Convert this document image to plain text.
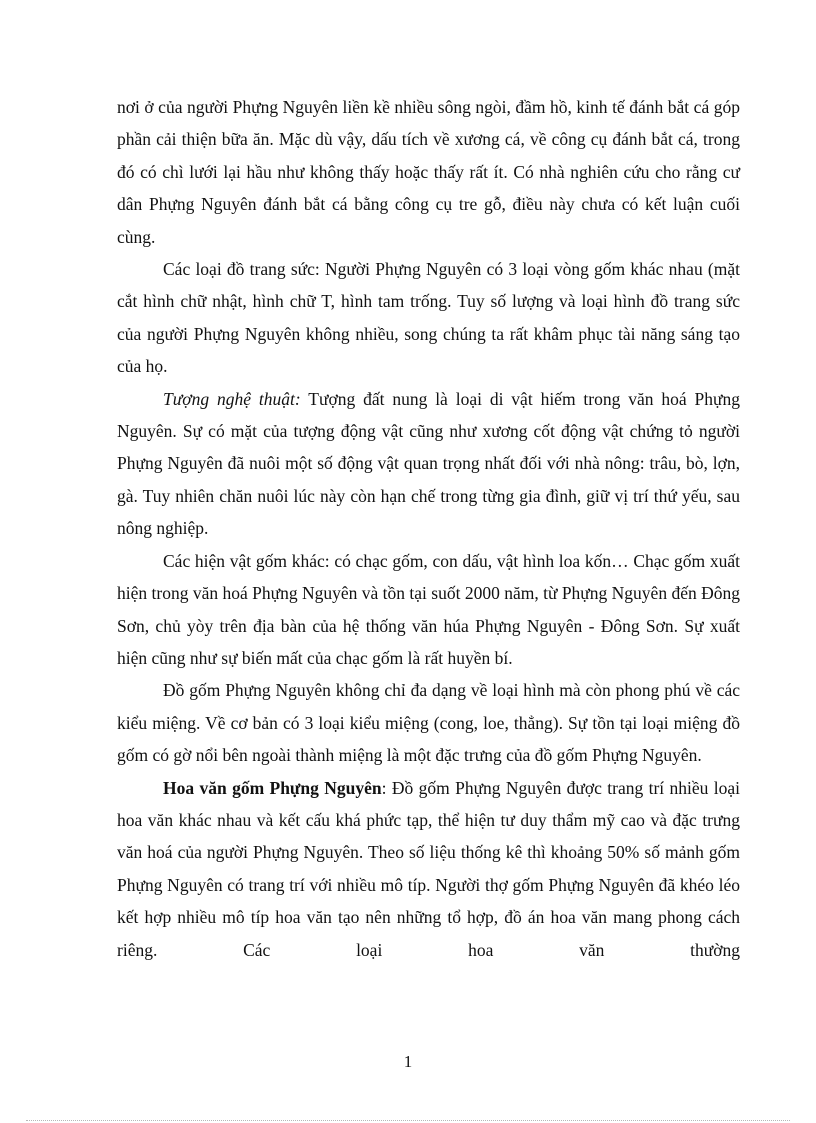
nơi ở của người Phựng Nguyên liền kề nhiều sông ngòi, đầm hồ, kinh tế đánh bắt cá góp phần cải thiện bữa ăn. Mặc dù vậy, dấu tích về xương cá, về công cụ đánh bắt cá, trong đó có chì lưới lại hầu như không thấy hoặc thấy rất ít. Có nhà nghiên cứu cho rằng cư dân Phựng Nguyên đánh bắt cá bằng công cụ tre gỗ, điều này chưa có kết luận cuối cùng.

Các loại đồ trang sức: Người Phựng Nguyên có 3 loại vòng gốm khác nhau (mặt cắt hình chữ nhật, hình chữ T, hình tam trống. Tuy số lượng và loại hình đồ trang sức của người Phựng Nguyên không nhiều, song chúng ta rất khâm phục tài năng sáng tạo của họ.

Tượng nghệ thuật: Tượng đất nung là loại di vật hiếm trong văn hoá Phựng Nguyên. Sự có mặt của tượng động vật cũng như xương cốt động vật chứng tỏ người Phựng Nguyên đã nuôi một số động vật quan trọng nhất đối với nhà nông: trâu, bò, lợn, gà. Tuy nhiên chăn nuôi lúc này còn hạn chế trong từng gia đình, giữ vị trí thứ yếu, sau nông nghiệp.

Các hiện vật gốm khác: có chạc gốm, con dấu, vật hình loa kốn… Chạc gốm xuất hiện trong văn hoá Phựng Nguyên và tồn tại suốt 2000 năm, từ Phựng Nguyên đến Đông Sơn, chủ yòy trên địa bàn của hệ thống văn húa Phựng Nguyên - Đông Sơn. Sự xuất hiện cũng như sự biến mất của chạc gốm là rất huyền bí.

Đồ gốm Phựng Nguyên không chỉ đa dạng về loại hình mà còn phong phú về các kiểu miệng. Về cơ bản có 3 loại kiểu miệng (cong, loe, thẳng). Sự tồn tại loại miệng đồ gốm có gờ nổi bên ngoài thành miệng là một đặc trưng của đồ gốm Phựng Nguyên.

Hoa văn gốm Phựng Nguyên: Đồ gốm Phựng Nguyên được trang trí nhiều loại hoa văn khác nhau và kết cấu khá phức tạp, thể hiện tư duy thẩm mỹ cao và đặc trưng văn hoá của người Phựng Nguyên. Theo số liệu thống kê thì khoảng 50% số mảnh gốm Phựng Nguyên có trang trí với nhiều mô típ. Người thợ gốm Phựng Nguyên đã khéo léo kết hợp nhiều mô típ hoa văn tạo nên những tổ hợp, đồ án hoa văn mang phong cách riêng. Các loại hoa văn thường

1
